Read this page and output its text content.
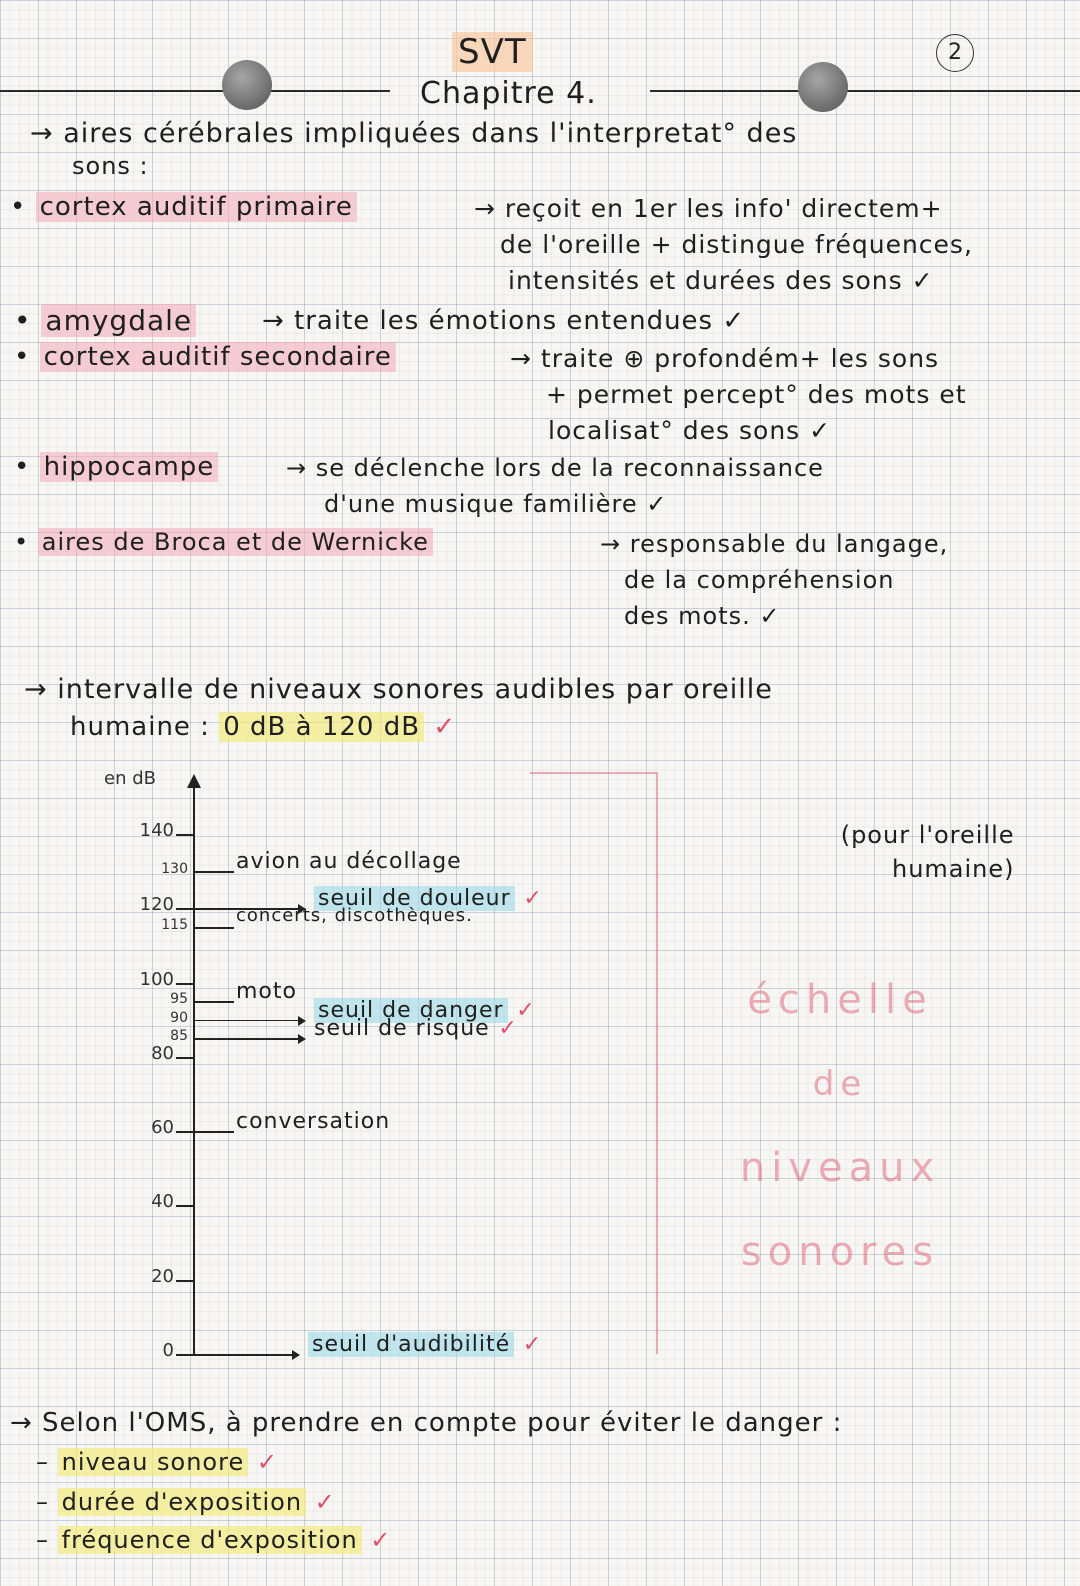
SVT
Chapitre 4.
2
→ aires cérébrales impliquées dans l'interpretat° des
sons :
• cortex auditif primaire	→ reçoit en 1er les info' directem+
de l'oreille + distingue fréquences,
intensités et durées des sons ✓
• amygdale	→ traite les émotions entendues ✓
• cortex auditif secondaire	→ traite ⊕ profondém+ les sons
+ permet percept° des mots et
localisat° des sons ✓
• hippocampe	→ se déclenche lors de la reconnaissance
d'une musique familière ✓
• aires de Broca et de Wernicke	→ responsable du langage,
de la compréhension
des mots. ✓
→ intervalle de niveaux sonores audibles par oreille
humaine : 0 dB à 120 dB ✓
en dB
(pour l'oreille
humaine)
échelle
de
niveaux
sonores
0
20
40
60
80
100
120
140
130
115
95
90
85
avion au décollage
seuil de douleur ✓
concerts, discothèques.
moto
seuil de danger ✓
seuil de risque ✓
conversation
seuil d'audibilité ✓
→ Selon l'OMS, à prendre en compte pour éviter le danger :
– niveau sonore ✓
– durée d'exposition ✓
– fréquence d'exposition ✓
